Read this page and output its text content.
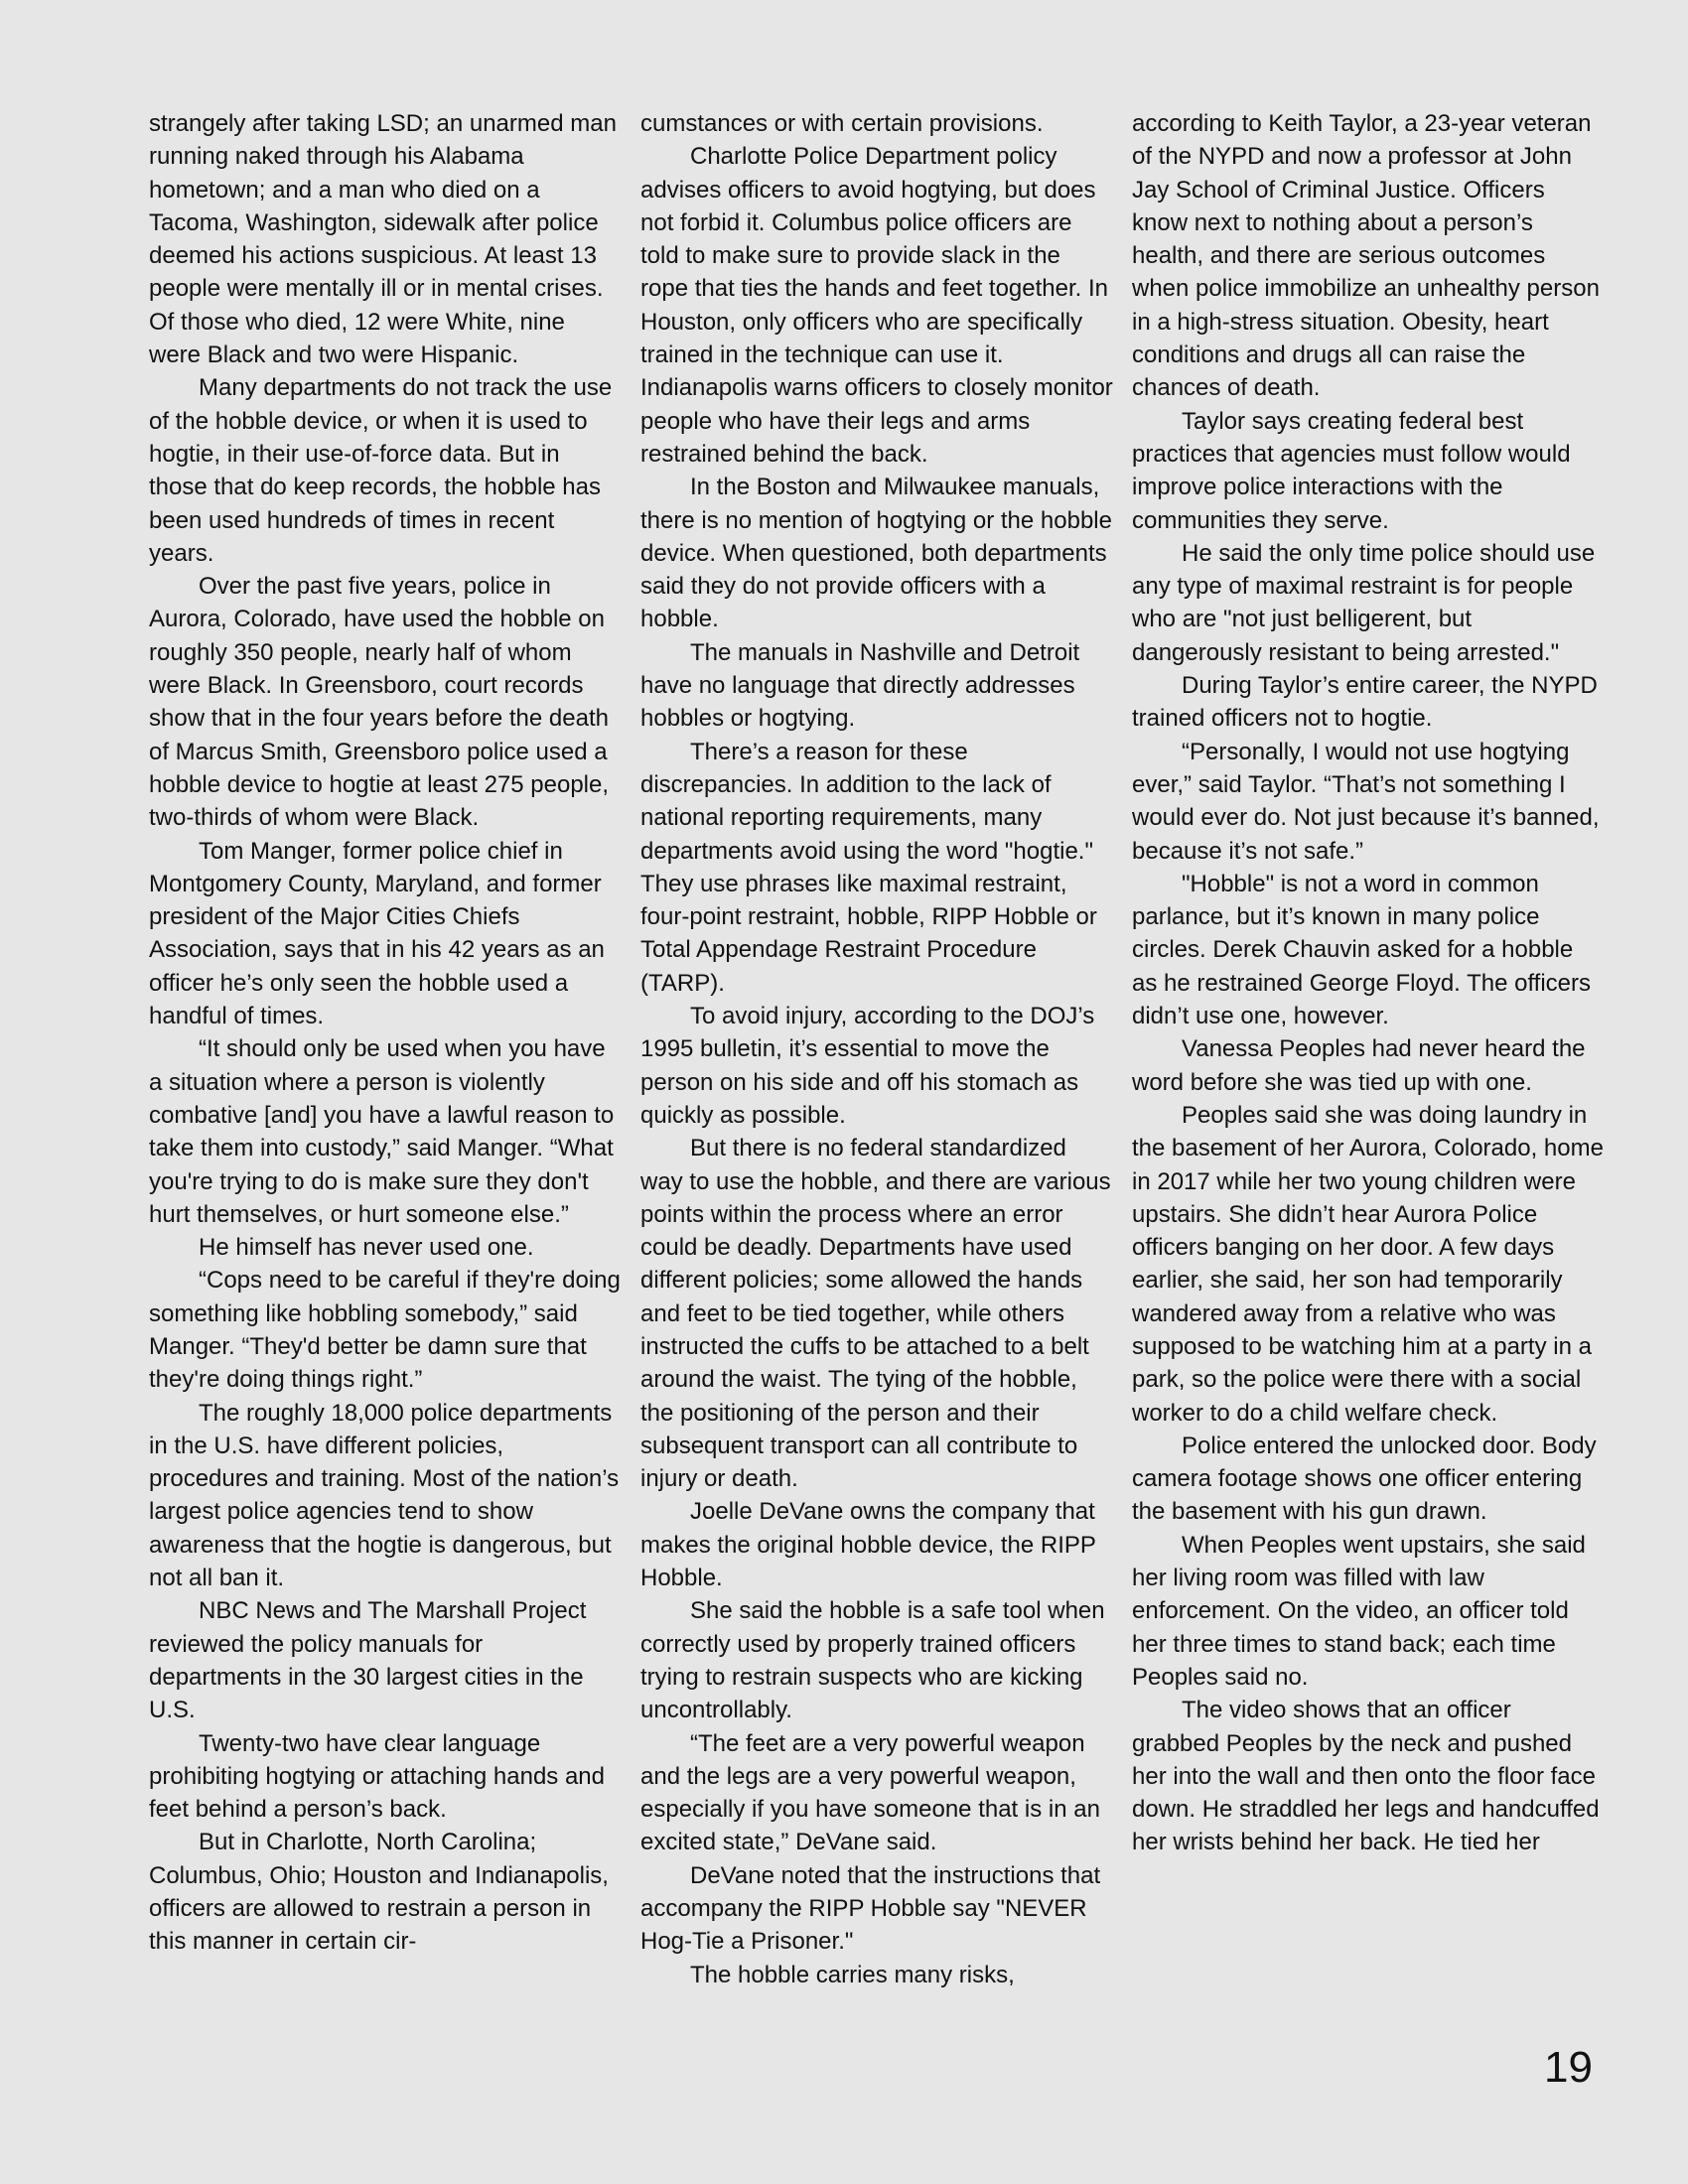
strangely after taking LSD; an unarmed man running naked through his Alabama hometown; and a man who died on a Tacoma, Washington, sidewalk after police deemed his actions suspicious. At least 13 people were mentally ill or in mental crises. Of those who died, 12 were White, nine were Black and two were Hispanic.

Many departments do not track the use of the hobble device, or when it is used to hogtie, in their use-of-force data. But in those that do keep records, the hobble has been used hundreds of times in recent years.

Over the past five years, police in Aurora, Colorado, have used the hobble on roughly 350 people, nearly half of whom were Black. In Greensboro, court records show that in the four years before the death of Marcus Smith, Greensboro police used a hobble device to hogtie at least 275 people, two-thirds of whom were Black.

Tom Manger, former police chief in Montgomery County, Maryland, and former president of the Major Cities Chiefs Association, says that in his 42 years as an officer he’s only seen the hobble used a handful of times.

“It should only be used when you have a situation where a person is violently combative [and] you have a lawful reason to take them into custody,” said Manger. “What you're trying to do is make sure they don't hurt themselves, or hurt someone else.”

He himself has never used one.

“Cops need to be careful if they're doing something like hobbling somebody,” said Manger. “They'd better be damn sure that they're doing things right.”

The roughly 18,000 police departments in the U.S. have different policies, procedures and training. Most of the nation’s largest police agencies tend to show awareness that the hogtie is dangerous, but not all ban it.

NBC News and The Marshall Project reviewed the policy manuals for departments in the 30 largest cities in the U.S.

Twenty-two have clear language prohibiting hogtying or attaching hands and feet behind a person’s back.

But in Charlotte, North Carolina; Columbus, Ohio; Houston and Indianapolis, officers are allowed to restrain a person in this manner in certain cir-

cumstances or with certain provisions.

Charlotte Police Department policy advises officers to avoid hogtying, but does not forbid it. Columbus police officers are told to make sure to provide slack in the rope that ties the hands and feet together. In Houston, only officers who are specifically trained in the technique can use it. Indianapolis warns officers to closely monitor people who have their legs and arms restrained behind the back.

In the Boston and Milwaukee manuals, there is no mention of hogtying or the hobble device. When questioned, both departments said they do not provide officers with a hobble.

The manuals in Nashville and Detroit have no language that directly addresses hobbles or hogtying.

There’s a reason for these discrepancies. In addition to the lack of national reporting requirements, many departments avoid using the word "hogtie." They use phrases like maximal restraint, four-point restraint, hobble, RIPP Hobble or Total Appendage Restraint Procedure (TARP).

To avoid injury, according to the DOJ’s 1995 bulletin, it’s essential to move the person on his side and off his stomach as quickly as possible.

But there is no federal standardized way to use the hobble, and there are various points within the process where an error could be deadly. Departments have used different policies; some allowed the hands and feet to be tied together, while others instructed the cuffs to be attached to a belt around the waist. The tying of the hobble, the positioning of the person and their subsequent transport can all contribute to injury or death.

Joelle DeVane owns the company that makes the original hobble device, the RIPP Hobble.

She said the hobble is a safe tool when correctly used by properly trained officers trying to restrain suspects who are kicking uncontrollably.

“The feet are a very powerful weapon and the legs are a very powerful weapon, especially if you have someone that is in an excited state,” DeVane said.

DeVane noted that the instructions that accompany the RIPP Hobble say "NEVER Hog-Tie a Prisoner."

The hobble carries many risks,

according to Keith Taylor, a 23-year veteran of the NYPD and now a professor at John Jay School of Criminal Justice. Officers know next to nothing about a person’s health, and there are serious outcomes when police immobilize an unhealthy person in a high-stress situation. Obesity, heart conditions and drugs all can raise the chances of death.

Taylor says creating federal best practices that agencies must follow would improve police interactions with the communities they serve.

He said the only time police should use any type of maximal restraint is for people who are "not just belligerent, but dangerously resistant to being arrested."

During Taylor’s entire career, the NYPD trained officers not to hogtie.

“Personally, I would not use hogtying ever,” said Taylor. “That’s not something I would ever do. Not just because it’s banned, because it’s not safe.”

"Hobble" is not a word in common parlance, but it’s known in many police circles. Derek Chauvin asked for a hobble as he restrained George Floyd. The officers didn’t use one, however.

Vanessa Peoples had never heard the word before she was tied up with one.

Peoples said she was doing laundry in the basement of her Aurora, Colorado, home in 2017 while her two young children were upstairs. She didn’t hear Aurora Police officers banging on her door. A few days earlier, she said, her son had temporarily wandered away from a relative who was supposed to be watching him at a party in a park, so the police were there with a social worker to do a child welfare check.

Police entered the unlocked door. Body camera footage shows one officer entering the basement with his gun drawn.

When Peoples went upstairs, she said her living room was filled with law enforcement. On the video, an officer told her three times to stand back; each time Peoples said no.

The video shows that an officer grabbed Peoples by the neck and pushed her into the wall and then onto the floor face down. He straddled her legs and handcuffed her wrists behind her back. He tied her

19
